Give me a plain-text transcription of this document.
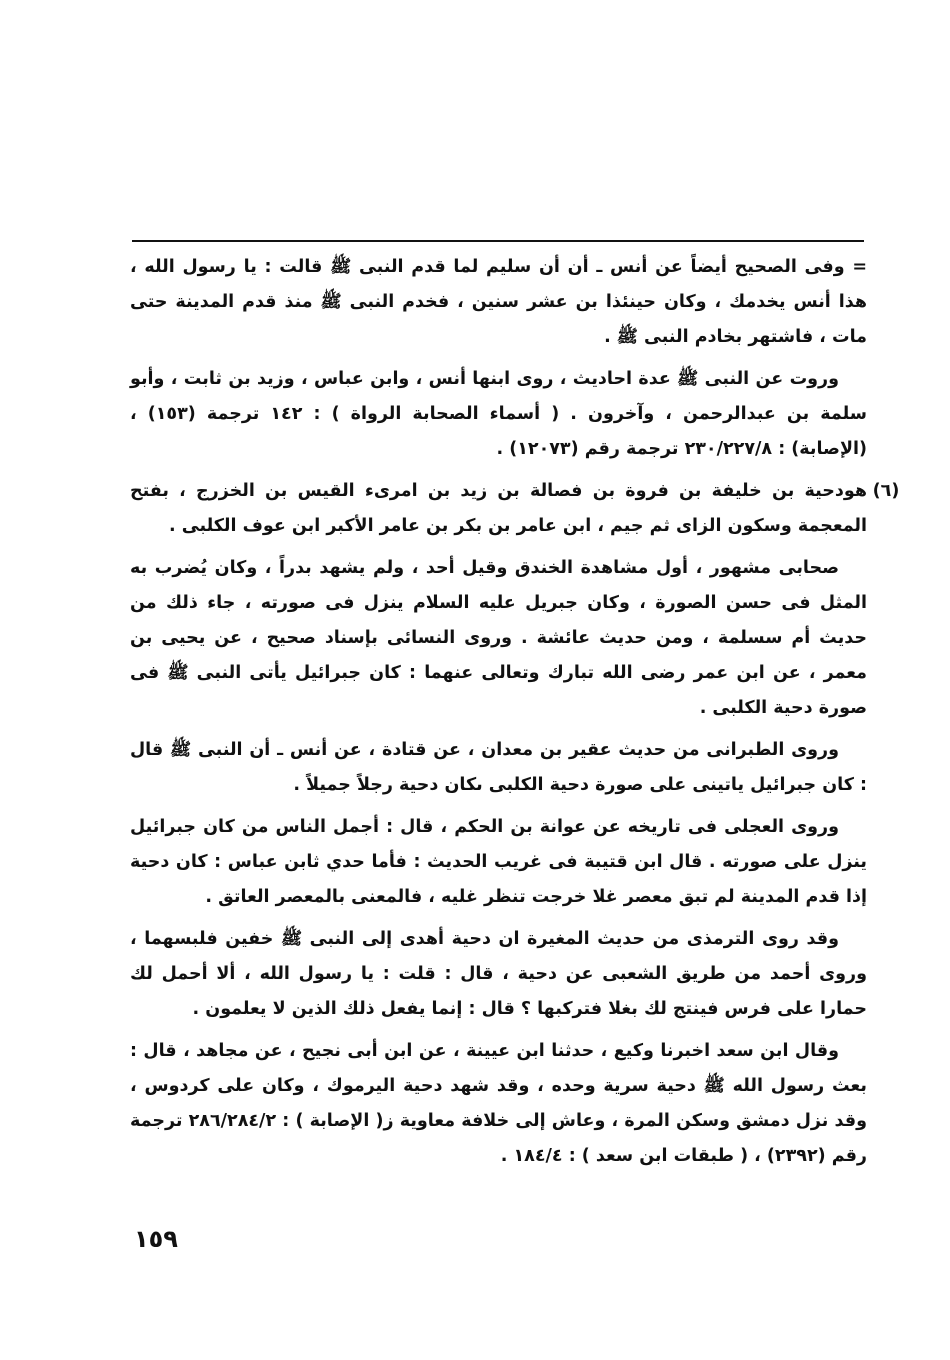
= وفى الصحيح أيضاً عن أنس ـ أن أن سليم لما قدم النبى ﷺ قالت : يا رسول الله ، هذا أنس يخدمك ، وكان حينئذا بن عشر سنين ، فخدم النبى ﷺ منذ قدم المدينة حتى مات ، فاشتهر بخادم النبى ﷺ .

وروت عن النبى ﷺ عدة احاديث ، روى ابنها أنس ، وابن عباس ، وزيد بن ثابت ، وأبو سلمة بن عبدالرحمن ، وآخرون . ( أسماء الصحابة الرواة ) : ١٤٢ ترجمة (١٥٣) ، (الإصابة) : ٢٣٠/٢٢٧/٨ ترجمة رقم (١٢٠٧٣) .

(٦)
هودحية بن خليفة بن فروة بن فصالة بن زيد بن امرىء القيس بن الخزرج ، بفتح المعجمة وسكون الزاى ثم جيم ، ابن عامر بن بكر بن عامر الأكبر ابن عوف الكلبى .

صحابى مشهور ، أول مشاهدة الخندق وقيل أحد ، ولم يشهد بدراً ، وكان يُضرب به المثل فى حسن الصورة ، وكان جبريل عليه السلام ينزل فى صورته ، جاء ذلك من حديث أم سسلمة ، ومن حديث عائشة . وروى النسائى بإسناد صحيح ، عن يحيى بن معمر ، عن ابن عمر رضى الله تبارك وتعالى عنهما : كان جبرائيل يأتى النبى ﷺ فى صورة دحية الكلبى .

وروى الطبرانى من حديث عقير بن معدان ، عن قتادة ، عن أنس ـ أن النبى ﷺ قال : كان جبرائيل ياتينى على صورة دحية الكلبى ىكان دحية رجلاً جميلاً .

وروى العجلى فى تاريخه عن عوانة بن الحكم ، قال : أجمل الناس من كان جبرائيل ينزل على صورته . قال ابن قتيبة فى غريب الحديث : فأما حدي ثابن عباس : كان دحية إذا قدم المدينة لم تبق معصر غلا خرجت تنظر غليه ، فالمعنى بالمعصر العاتق .

وقد روى الترمذى من حديث المغيرة ان دحية أهدى إلى النبى ﷺ خفين فلبسهما ، وروى أحمد من طريق الشعبى عن دحية ، قال : قلت : يا رسول الله ، ألا أحمل لك حمارا على فرس فينتج لك بغلا فتركبها ؟ قال : إنما يفعل ذلك الذين لا يعلمون .

وقال ابن سعد اخبرنا وكيع ، حدثنا ابن عيينة ، عن ابن أبى نجيح ، عن مجاهد ، قال : بعث رسول الله ﷺ دحية سرية وحده ، وقد شهد دحية اليرموك ، وكان على كردوس ، وقد نزل دمشق وسكن المرة ، وعاش إلى خلافة معاوية ز( الإصابة ) : ٢٨٦/٢٨٤/٢ ترجمة رقم (٢٣٩٢) ، ( طبقات ابن سعد ) : ١٨٤/٤ .

١٥٩
